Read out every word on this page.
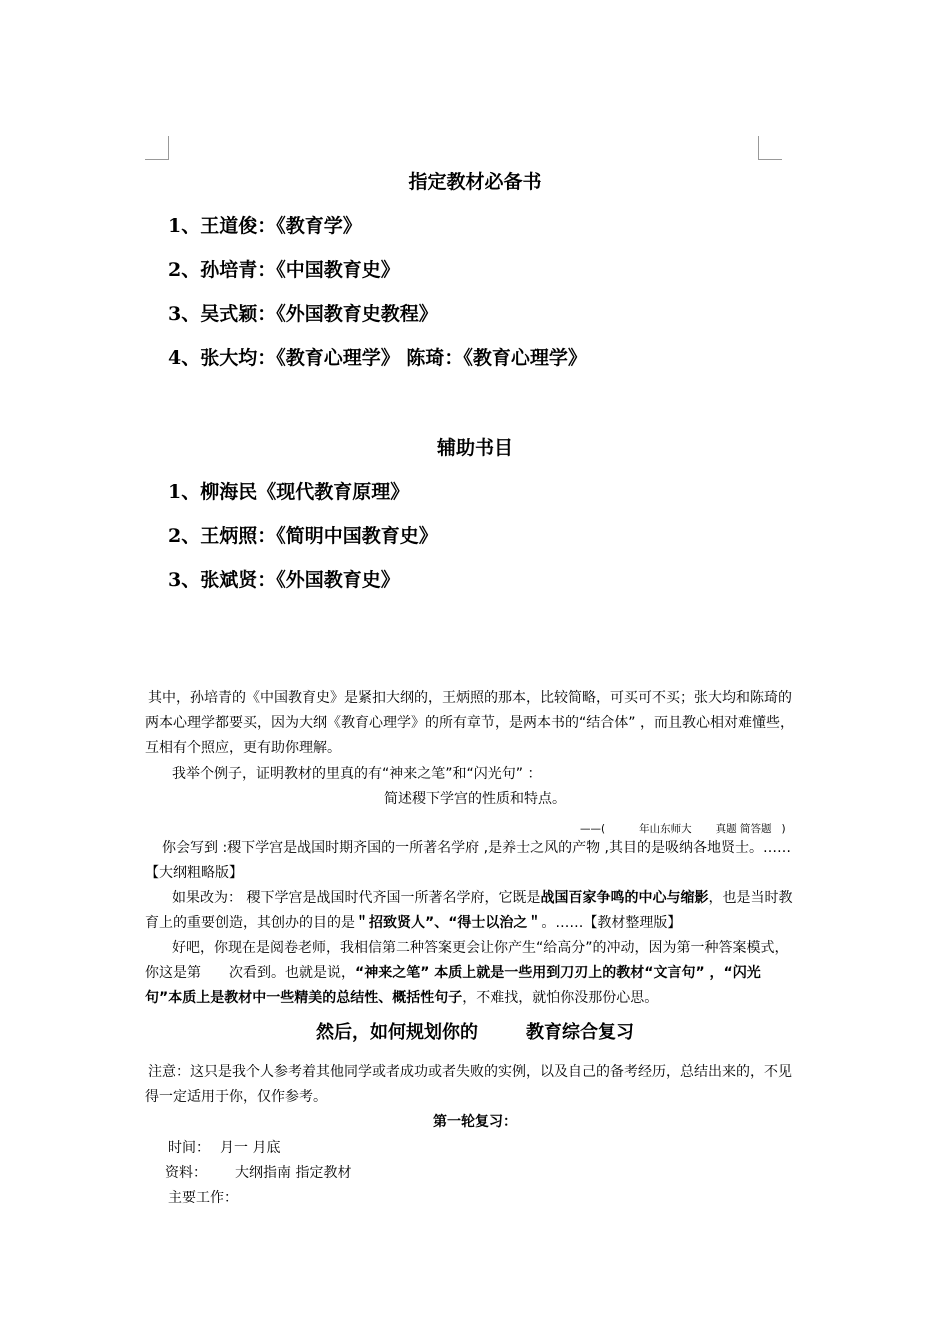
指定教材必备书
1、王道俊：《教育学》
2、孙培青：《中国教育史》
3、吴式颖：《外国教育史教程》
4、张大均：《教育心理学》 陈琦：《教育心理学》
辅助书目
1、柳海民《现代教育原理》
2、王炳照：《简明中国教育史》
3、张斌贤：《外国教育史》
其中，孙培青的《中国教育史》是紧扣大纲的，王炳照的那本，比较简略，可买可不买；张大均和陈琦的
两本心理学都要买，因为大纲《教育心理学》的所有章节，是两本书的“结合体” ，而且教心相对难懂些，
互相有个照应，更有助你理解。
我举个例子，证明教材的里真的有“神来之笔”和“闪光句” ：
简述稷下学宫的性质和特点。
——(	年山东师大 真题 简答题 )
你会写到 :稷下学宫是战国时期齐国的一所著名学府 ,是养士之风的产物 ,其目的是吸纳各地贤士。……
【大纲粗略版】
如果改为： 稷下学宫是战国时代齐国一所著名学府，它既是战国百家争鸣的中心与缩影，也是当时教
育上的重要创造，其创办的目的是＂招致贤人”、“得士以治之＂。……【教材整理版】
好吧，你现在是阅卷老师，我相信第二种答案更会让你产生“给高分”的冲动，因为第一种答案模式，
你这是第 次看到。也就是说，“神来之笔” 本质上就是一些用到刀刃上的教材“文言句” ，“闪光
句”本质上是教材中一些精美的总结性、概括性句子，不难找，就怕你没那份心思。
然后，如何规划你的	教育综合复习
注意：这只是我个人参考着其他同学或者成功或者失败的实例，以及自己的备考经历，总结出来的，不见
得一定适用于你，仅作参考。
第一轮复习：
时间： 月一 月底
资料： 大纲指南 指定教材
主要工作：
